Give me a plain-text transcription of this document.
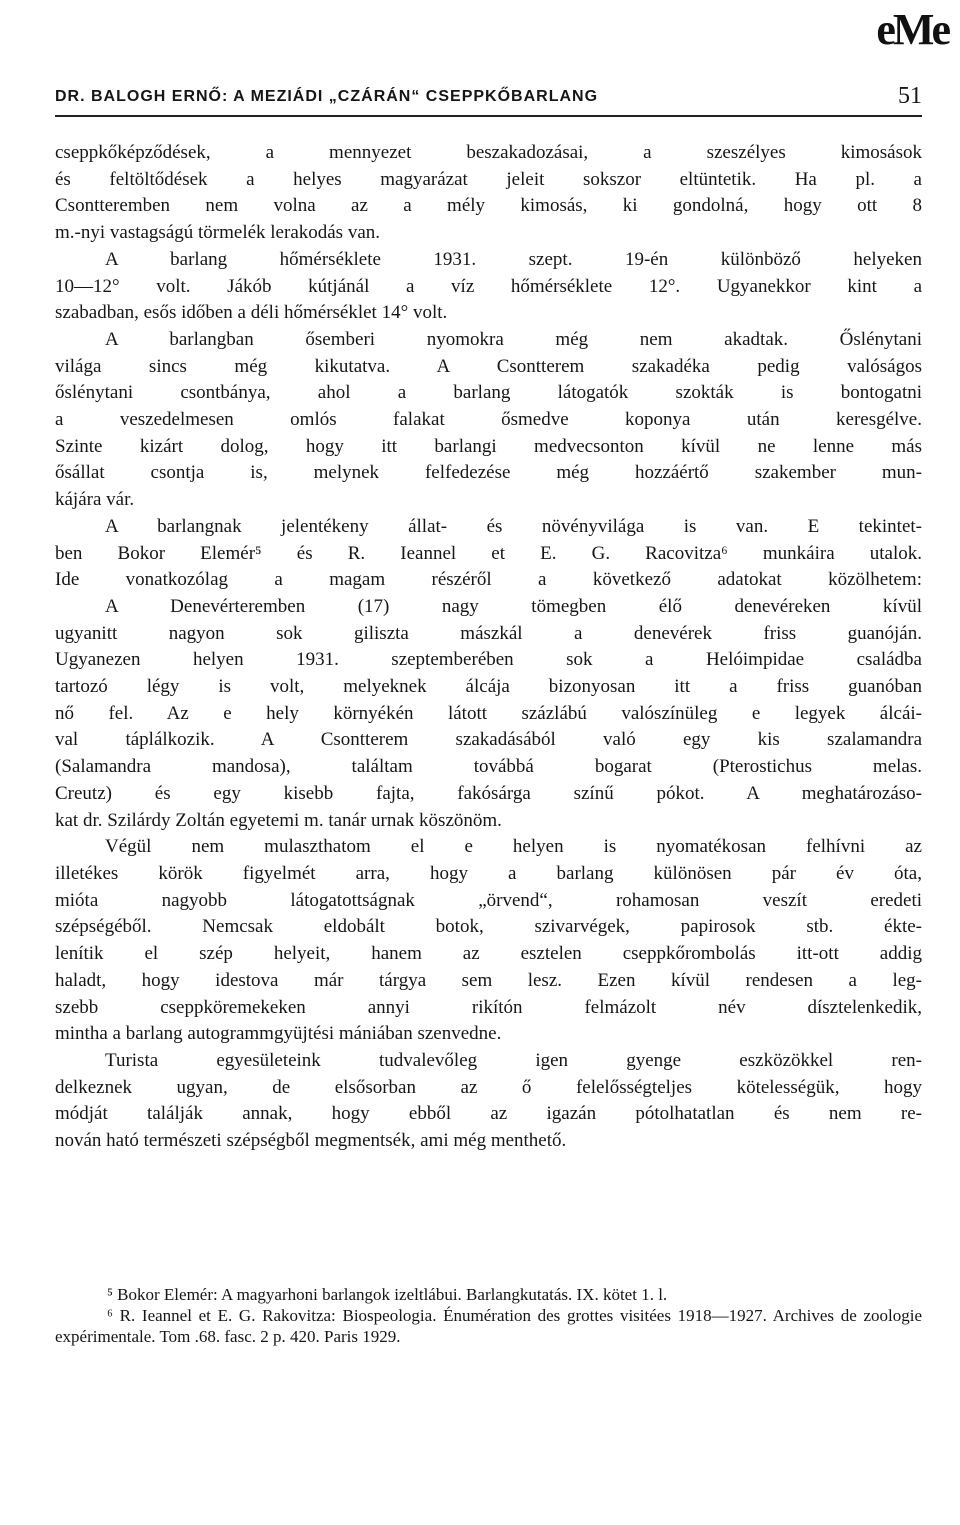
eMe
DR. BALOGH ERNŐ: A MEZIÁDI „CZÁRÁN“ CSEPPKŐBARLANG	51

cseppkőképződések, a mennyezet beszakadozásai, a szeszélyes kimosások

és feltöltődések a helyes magyarázat jeleit sokszor eltüntetik. Ha pl. a

Csontteremben nem volna az a mély kimosás, ki gondolná, hogy ott 8

m.-nyi vastagságú törmelék lerakodás van.

A barlang hőmérséklete 1931. szept. 19-én különböző helyeken

10—12° volt. Jákób kútjánál a víz hőmérséklete 12°. Ugyanekkor kint a

szabadban, esős időben a déli hőmérséklet 14° volt.

A barlangban ősemberi nyomokra még nem akadtak. Őslénytani

világa sincs még kikutatva. A Csontterem szakadéka pedig valóságos

őslénytani csontbánya, ahol a barlang látogatók szokták is bontogatni

a veszedelmesen omlós falakat ősmedve koponya után keresgélve.

Szinte kizárt dolog, hogy itt barlangi medvecsonton kívül ne lenne más

ősállat csontja is, melynek felfedezése még hozzáértő szakember mun-

kájára vár.

A barlangnak jelentékeny állat- és növényvilága is van. E tekintet-

ben Bokor Elemér⁵ és R. Ieannel et E. G. Racovitza⁶ munkáira utalok.

Ide vonatkozólag a magam részéről a következő adatokat közölhetem:

A Denevérteremben (17) nagy tömegben élő denevéreken kívül

ugyanitt nagyon sok giliszta mászkál a denevérek friss guanóján.

Ugyanezen helyen 1931. szeptemberében sok a Helóimpidae családba

tartozó légy is volt, melyeknek álcája bizonyosan itt a friss guanóban

nő fel. Az e hely környékén látott százlábú valószínüleg e legyek álcái-

val táplálkozik. A Csontterem szakadásából való egy kis szalamandra

(Salamandra mandosa), találtam továbbá bogarat (Pterostichus melas.

Creutz) és egy kisebb fajta, fakósárga színű pókot. A meghatározáso-

kat dr. Szilárdy Zoltán egyetemi m. tanár urnak köszönöm.

Végül nem mulaszthatom el e helyen is nyomatékosan felhívni az

illetékes körök figyelmét arra, hogy a barlang különösen pár év óta,

mióta nagyobb látogatottságnak „örvend“, rohamosan veszít eredeti

szépségéből. Nemcsak eldobált botok, szivarvégek, papirosok stb. ékte-

lenítik el szép helyeit, hanem az esztelen cseppkőrombolás itt-ott addig

haladt, hogy idestova már tárgya sem lesz. Ezen kívül rendesen a leg-

szebb cseppköremekeken annyi rikítón felmázolt név dísztelenkedik,

mintha a barlang autogrammgyüjtési mániában szenvedne.

Turista egyesületeink tudvalevőleg igen gyenge eszközökkel ren-

delkeznek ugyan, de elsősorban az ő felelősségteljes kötelességük, hogy

módját találják annak, hogy ebből az igazán pótolhatatlan és nem re-

nován ható természeti szépségből megmentsék, ami még menthető.

⁵ Bokor Elemér: A magyarhoni barlangok izeltlábui. Barlangkutatás. IX. kötet 1. l.

⁶ R. Ieannel et E. G. Rakovitza: Biospeologia. Énumération des grottes visitées 1918—1927. Archives de zoologie expérimentale. Tom .68. fasc. 2 p. 420. Paris 1929.
